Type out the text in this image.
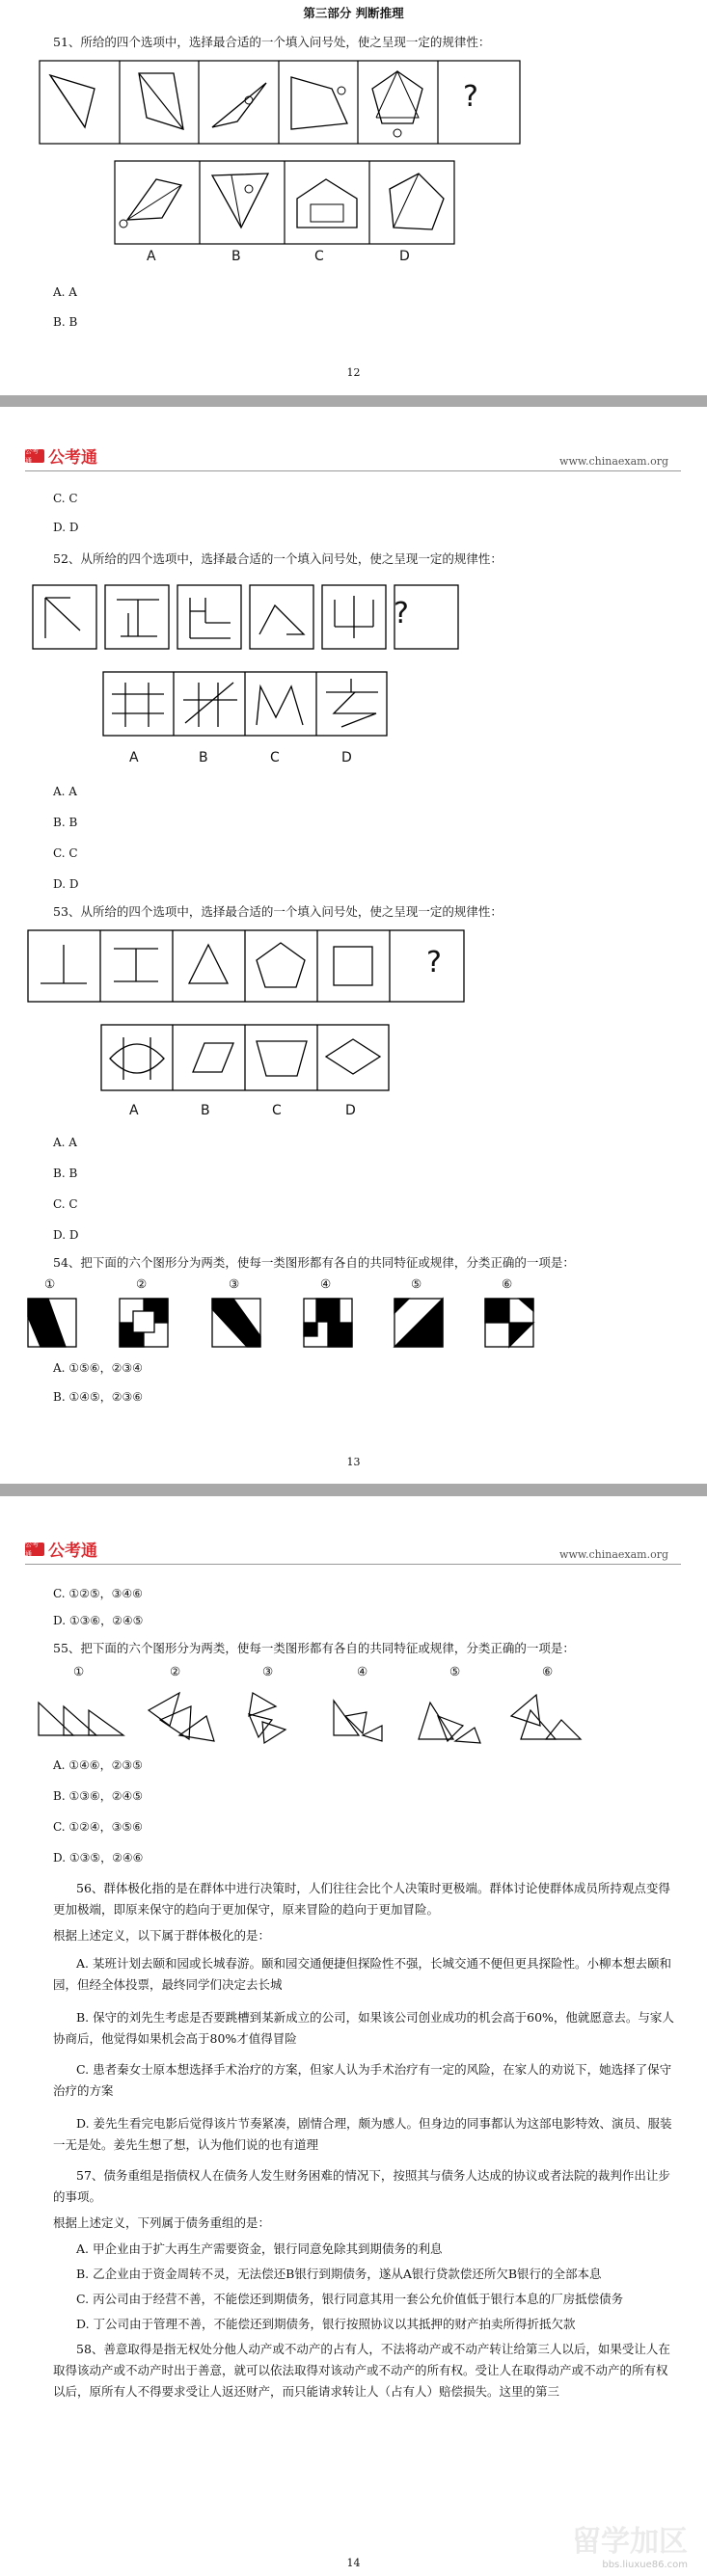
第三部分 判断推理
51、所给的四个选项中，选择最合适的一个填入问号处，使之呈现一定的规律性：
?
A	B	C	D
A. A
B. B
12
公考通	公考通	www.chinaexam.org
C. C
D. D
52、从所给的四个选项中，选择最合适的一个填入问号处，使之呈现一定的规律性：
?
A	B	C	D
A. A
B. B
C. C
D. D
53、从所给的四个选项中，选择最合适的一个填入问号处，使之呈现一定的规律性：
?
A	B	C	D
A. A
B. B
C. C
D. D
54、把下面的六个图形分为两类，使每一类图形都有各自的共同特征或规律，分类正确的一项是：
①	②	③	④	⑤	⑥
A. ①⑤⑥，②③④
B. ①④⑤，②③⑥
13
公考通	公考通	www.chinaexam.org
C. ①②⑤，③④⑥
D. ①③⑥，②④⑤
55、把下面的六个图形分为两类，使每一类图形都有各自的共同特征或规律，分类正确的一项是：
①	②	③	④	⑤	⑥
A. ①④⑥，②③⑤
B. ①③⑥，②④⑤
C. ①②④，③⑤⑥
D. ①③⑤，②④⑥
56、群体极化指的是在群体中进行决策时，人们往往会比个人决策时更极端。群体讨论使群体成员所持观点变得更加极端，即原来保守的趋向于更加保守，原来冒险的趋向于更加冒险。
根据上述定义，以下属于群体极化的是：
A. 某班计划去颐和园或长城春游。颐和园交通便捷但探险性不强，长城交通不便但更具探险性。小柳本想去颐和园，但经全体投票，最终同学们决定去长城
B. 保守的刘先生考虑是否要跳槽到某新成立的公司，如果该公司创业成功的机会高于60%，他就愿意去。与家人协商后，他觉得如果机会高于80%才值得冒险
C. 患者秦女士原本想选择手术治疗的方案，但家人认为手术治疗有一定的风险，在家人的劝说下，她选择了保守治疗的方案
D. 姜先生看完电影后觉得该片节奏紧凑，剧情合理，颇为感人。但身边的同事都认为这部电影特效、演员、服装一无是处。姜先生想了想，认为他们说的也有道理
57、债务重组是指债权人在债务人发生财务困难的情况下，按照其与债务人达成的协议或者法院的裁判作出让步的事项。
根据上述定义，下列属于债务重组的是：
A. 甲企业由于扩大再生产需要资金，银行同意免除其到期债务的利息
B. 乙企业由于资金周转不灵，无法偿还B银行到期债务，遂从A银行贷款偿还所欠B银行的全部本息
C. 丙公司由于经营不善，不能偿还到期债务，银行同意其用一套公允价值低于银行本息的厂房抵偿债务
D. 丁公司由于管理不善，不能偿还到期债务，银行按照协议以其抵押的财产拍卖所得折抵欠款
58、善意取得是指无权处分他人动产或不动产的占有人，不法将动产或不动产转让给第三人以后，如果受让人在取得该动产或不动产时出于善意，就可以依法取得对该动产或不动产的所有权。受让人在取得动产或不动产的所有权以后，原所有人不得要求受让人返还财产，而只能请求转让人（占有人）赔偿损失。这里的第三
14
留学加区
bbs.liuxue86.com
